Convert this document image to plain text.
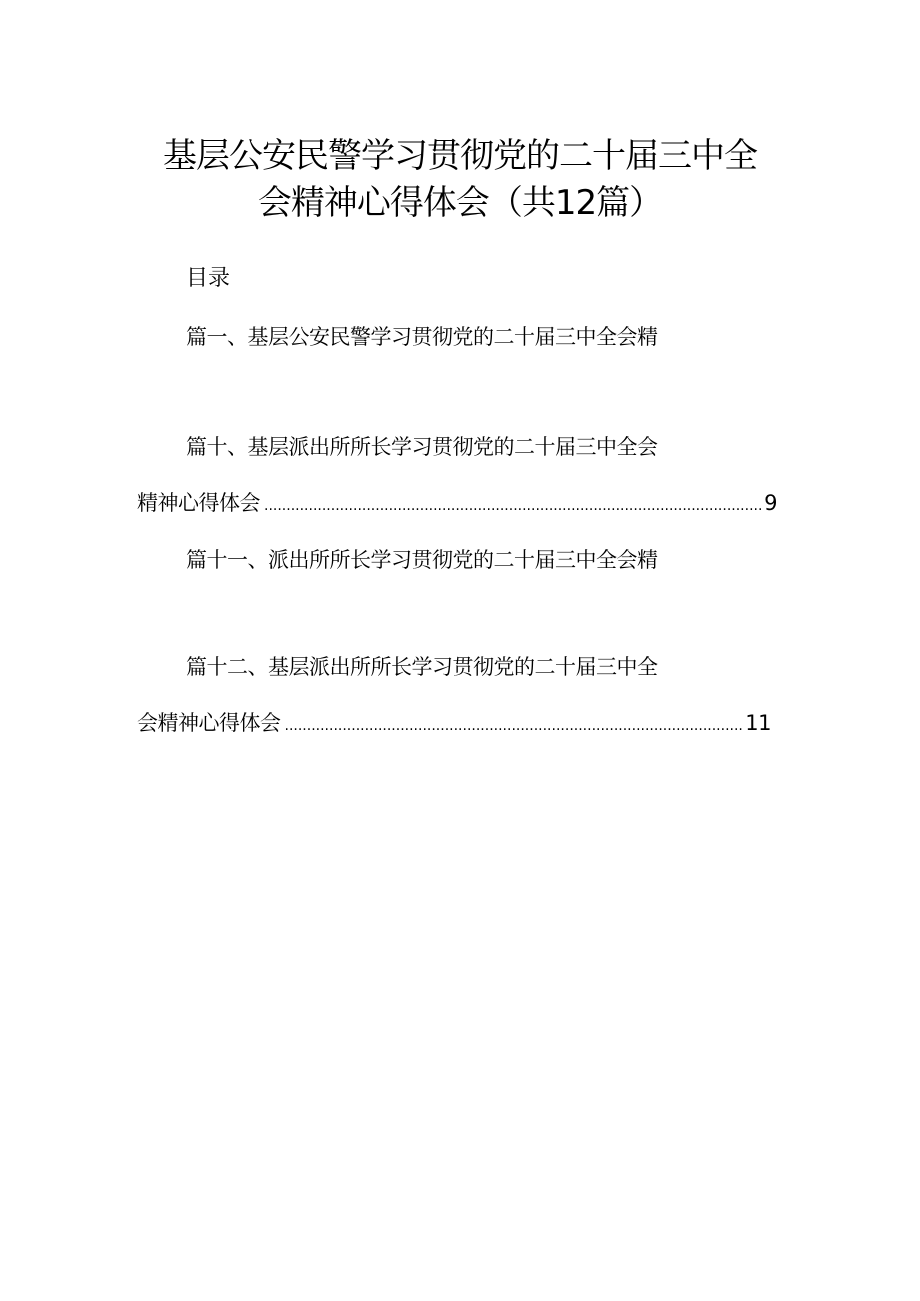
基层公安民警学习贯彻党的二十届三中全
会精神心得体会（共12篇）
目录
篇一、基层公安民警学习贯彻党的二十届三中全会精
篇十、基层派出所所长学习贯彻党的二十届三中全会
精神心得体会 .....	9
篇十一、派出所所长学习贯彻党的二十届三中全会精
篇十二、基层派出所所长学习贯彻党的二十届三中全
会精神心得体会 .....	11
